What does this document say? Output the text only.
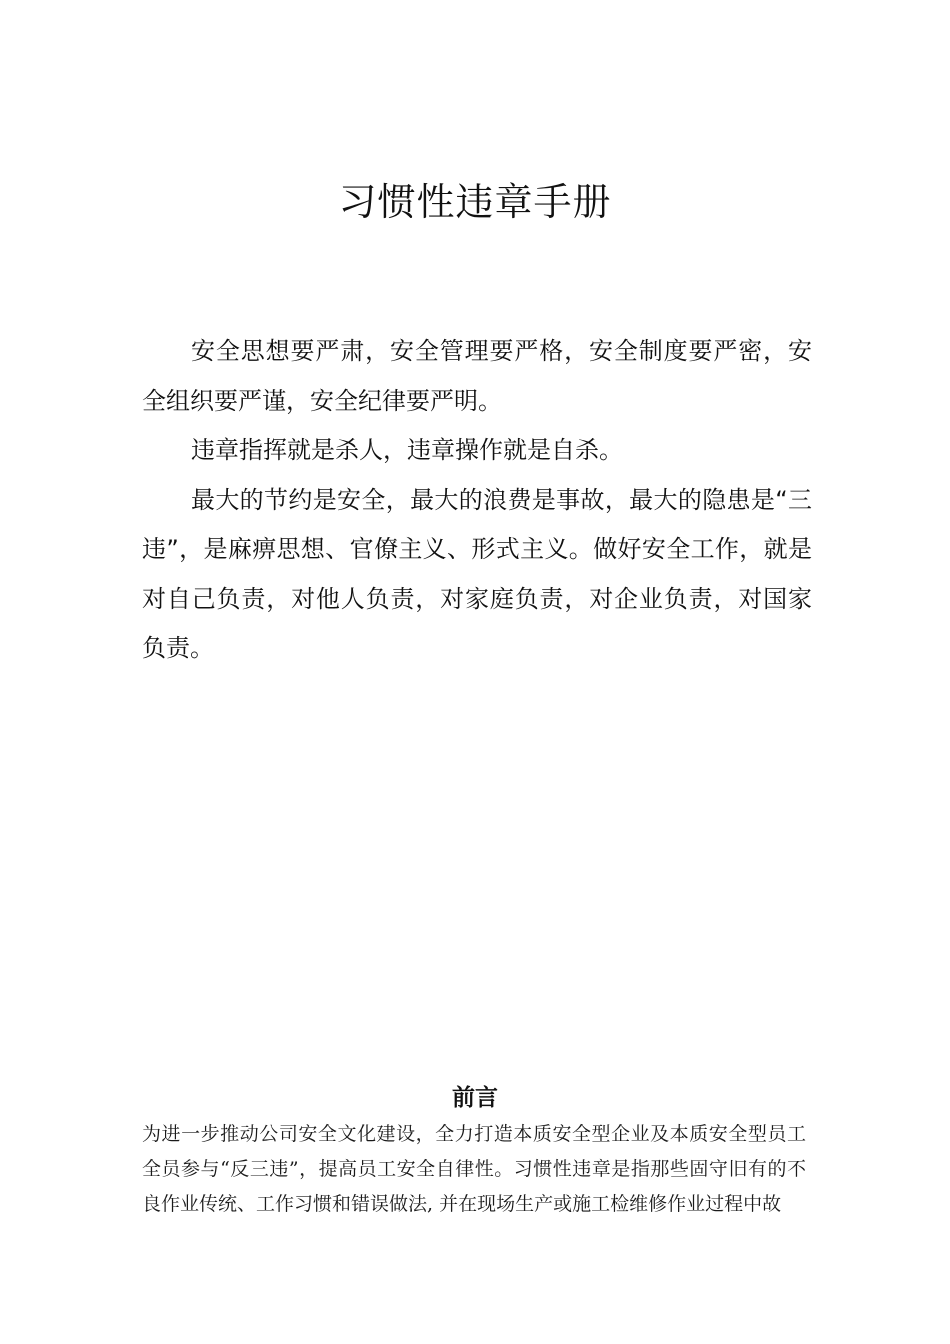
习惯性违章手册

安全思想要严肃，安全管理要严格，安全制度要严密，安全组织要严谨，安全纪律要严明。

违章指挥就是杀人，违章操作就是自杀。

最大的节约是安全，最大的浪费是事故，最大的隐患是“三违”，是麻痹思想、官僚主义、形式主义。做好安全工作，就是对自己负责，对他人负责，对家庭负责，对企业负责，对国家负责。

前言

为进一步推动公司安全文化建设，全力打造本质安全型企业及本质安全型员工全员参与“反三违”，提高员工安全自律性。习惯性违章是指那些固守旧有的不良作业传统、工作习惯和错误做法, 并在现场生产或施工检维修作业过程中故
